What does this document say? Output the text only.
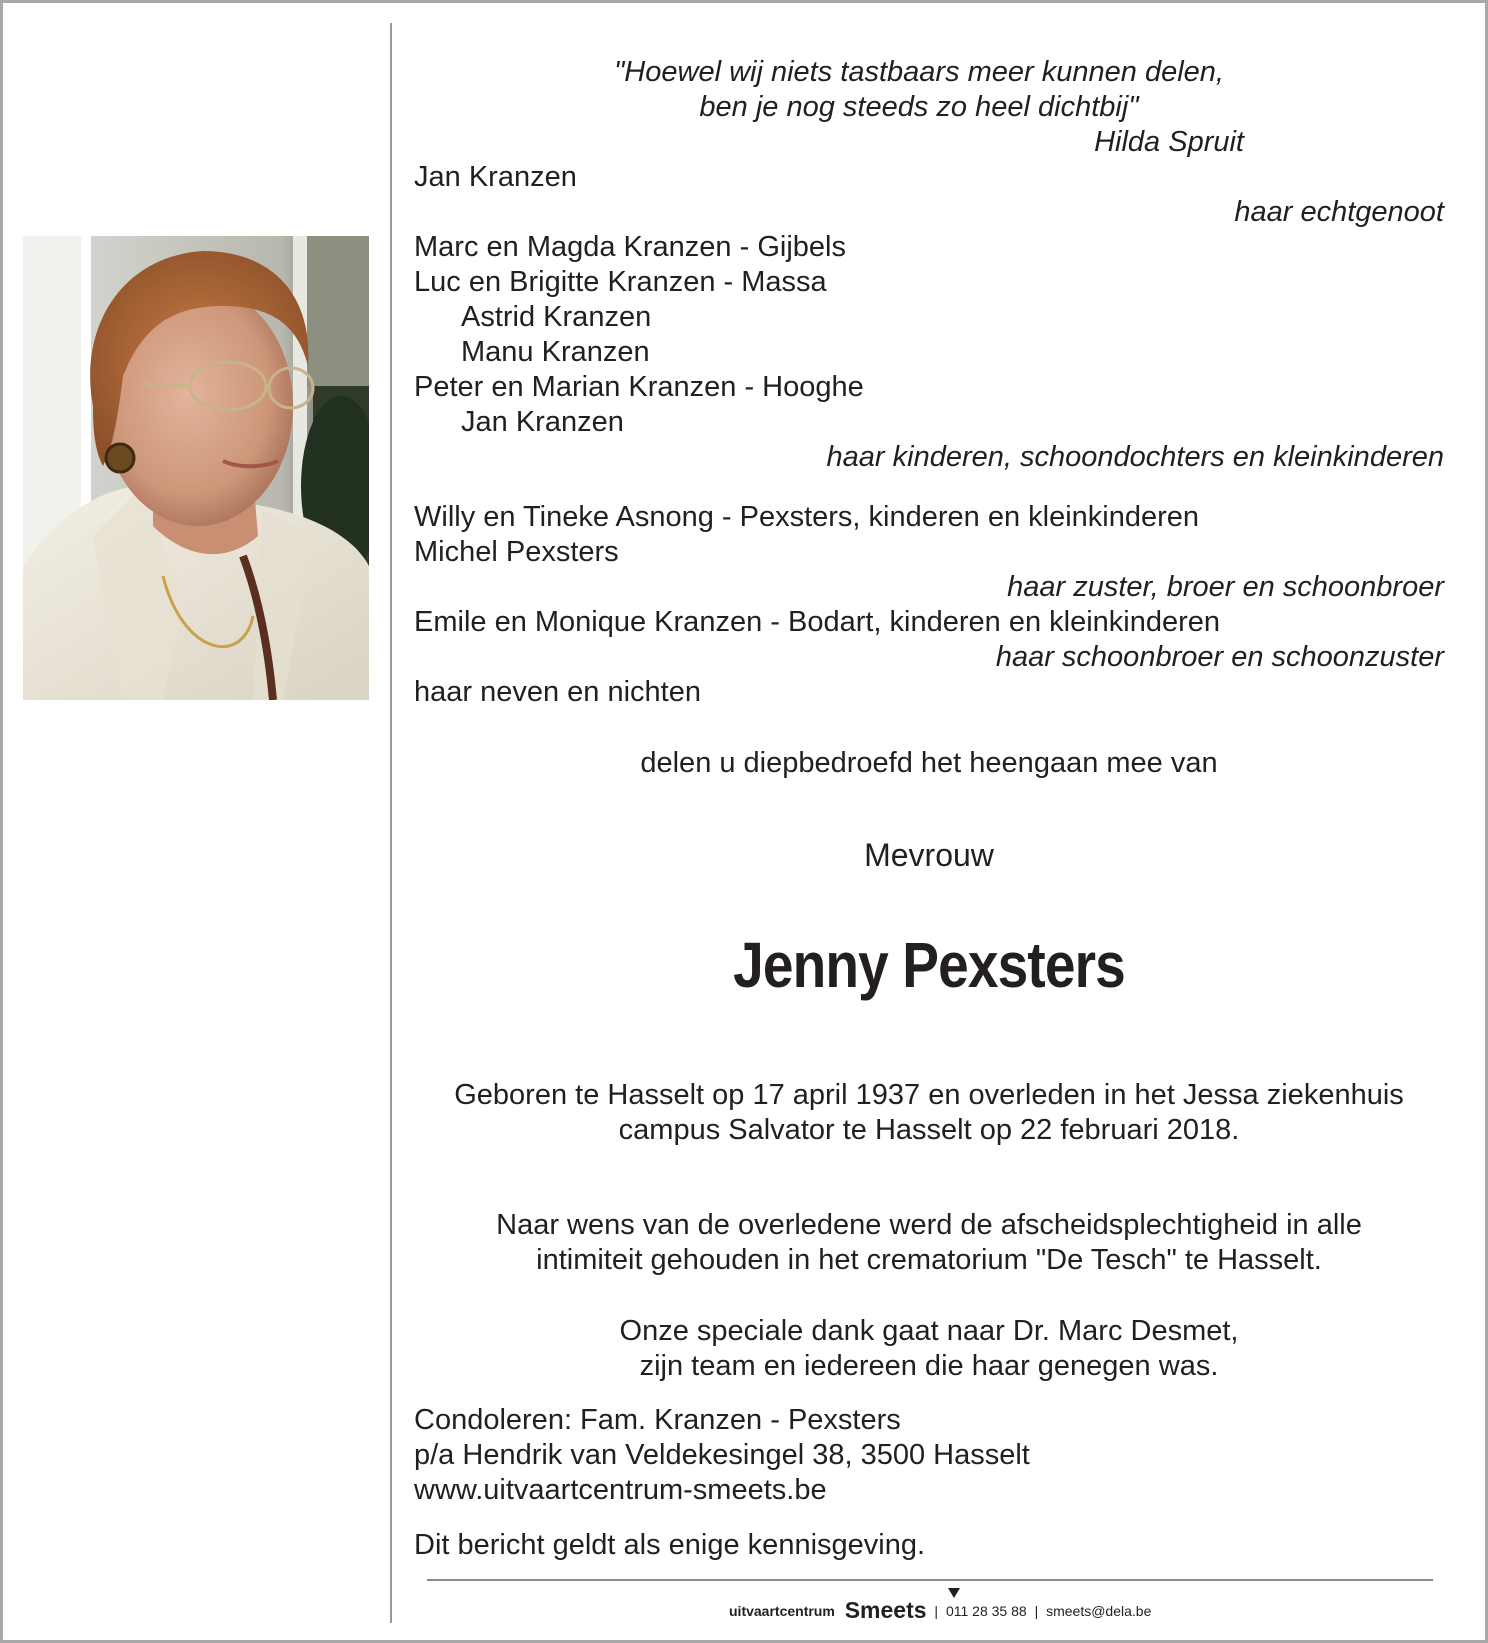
"Hoewel wij niets tastbaars meer kunnen delen,
ben je nog steeds zo heel dichtbij"
Hilda Spruit
Jan Kranzen
haar echtgenoot
Marc en Magda Kranzen - Gijbels
Luc en Brigitte Kranzen - Massa
Astrid Kranzen
Manu Kranzen
Peter en Marian Kranzen - Hooghe
Jan Kranzen
haar kinderen, schoondochters en kleinkinderen
Willy en Tineke Asnong - Pexsters, kinderen en kleinkinderen
Michel Pexsters
haar zuster, broer en schoonbroer
Emile en Monique Kranzen - Bodart, kinderen en kleinkinderen
haar schoonbroer en schoonzuster
haar neven en nichten
delen u diepbedroefd het heengaan mee van
Mevrouw
Jenny Pexsters
Geboren te Hasselt op 17 april 1937 en overleden in het Jessa ziekenhuis
campus Salvator te Hasselt op 22 februari 2018.
Naar wens van de overledene werd de afscheidsplechtigheid in alle
intimiteit gehouden in het crematorium "De Tesch" te Hasselt.
Onze speciale dank gaat naar Dr. Marc Desmet,
zijn team en iedereen die haar genegen was.
Condoleren: Fam. Kranzen - Pexsters
p/a Hendrik van Veldekesingel 38, 3500 Hasselt
www.uitvaartcentrum-smeets.be
Dit bericht geldt als enige kennisgeving.
uitvaartcentrum Smeets | 011 28 35 88 | smeets@dela.be
